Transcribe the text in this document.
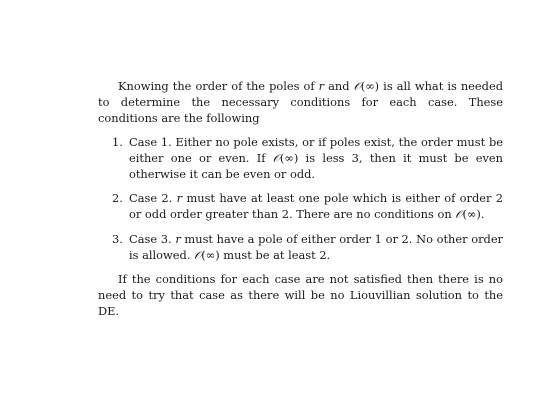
Knowing the order of the poles of r and 𝒪(∞) is all what is needed to determine the necessary conditions for each case. These conditions are the following

1. Case 1. Either no pole exists, or if poles exist, the order must be either one or even. If 𝒪(∞) is less 3, then it must be even otherwise it can be even or odd.
2. Case 2. r must have at least one pole which is either of order 2 or odd order greater than 2. There are no conditions on 𝒪(∞).
3. Case 3. r must have a pole of either order 1 or 2. No other order is allowed. 𝒪(∞) must be at least 2.

If the conditions for each case are not satisfied then there is no need to try that case as there will be no Liouvillian solution to the DE.
